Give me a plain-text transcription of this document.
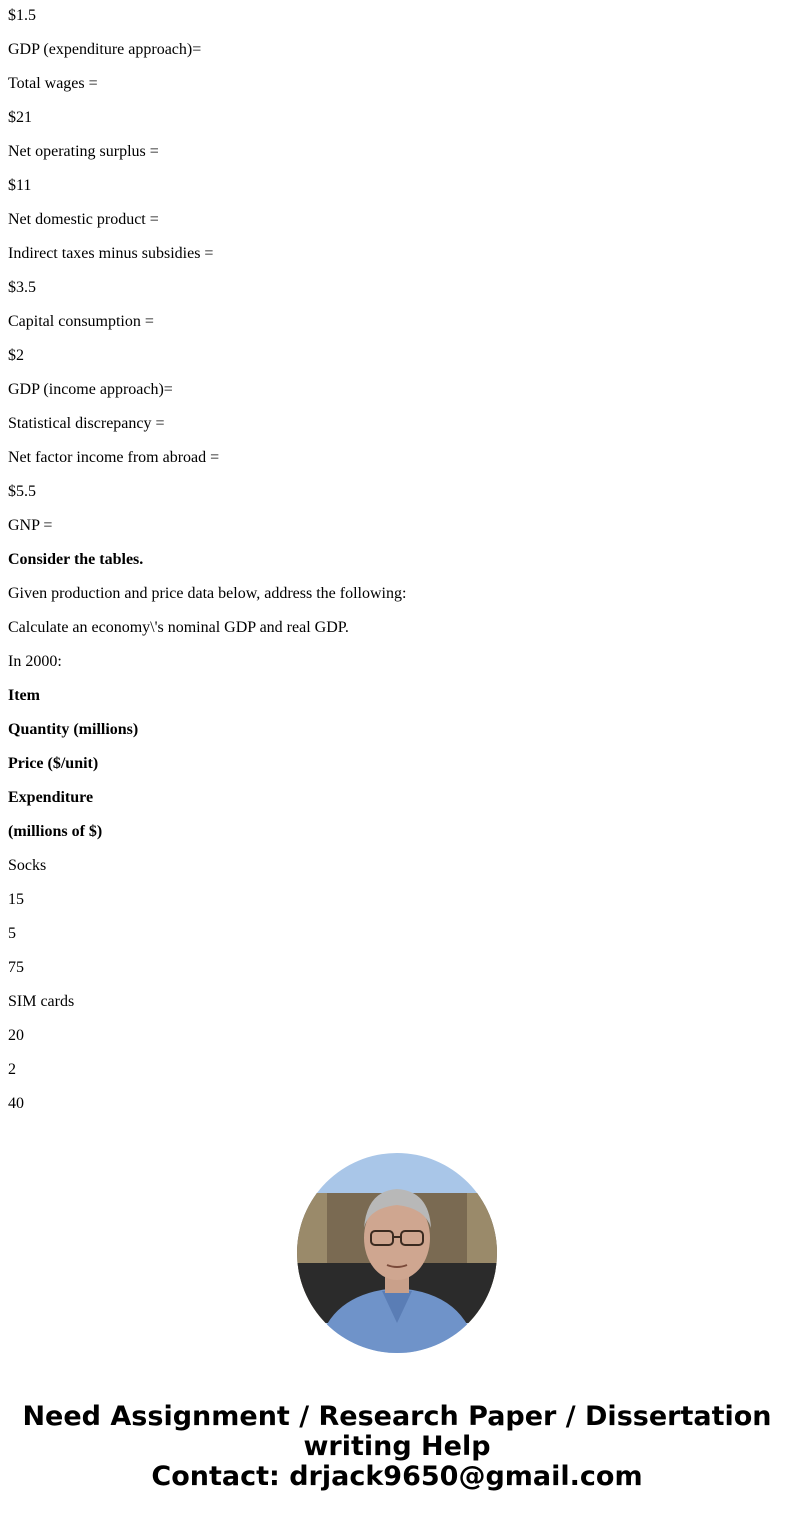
$1.5
GDP (expenditure approach)=
Total wages =
$21
Net operating surplus =
$11
Net domestic product =
Indirect taxes minus subsidies =
$3.5
Capital consumption =
$2
GDP (income approach)=
Statistical discrepancy =
Net factor income from abroad =
$5.5
GNP =
Consider the tables.
Given production and price data below, address the following:
Calculate an economy\'s nominal GDP and real GDP.
In 2000:
Item
Quantity (millions)
Price ($/unit)
Expenditure
(millions of $)
Socks
15
5
75
SIM cards
20
2
40
Need Assignment / Research Paper / Dissertation
writing Help
Contact: drjack9650@gmail.com
